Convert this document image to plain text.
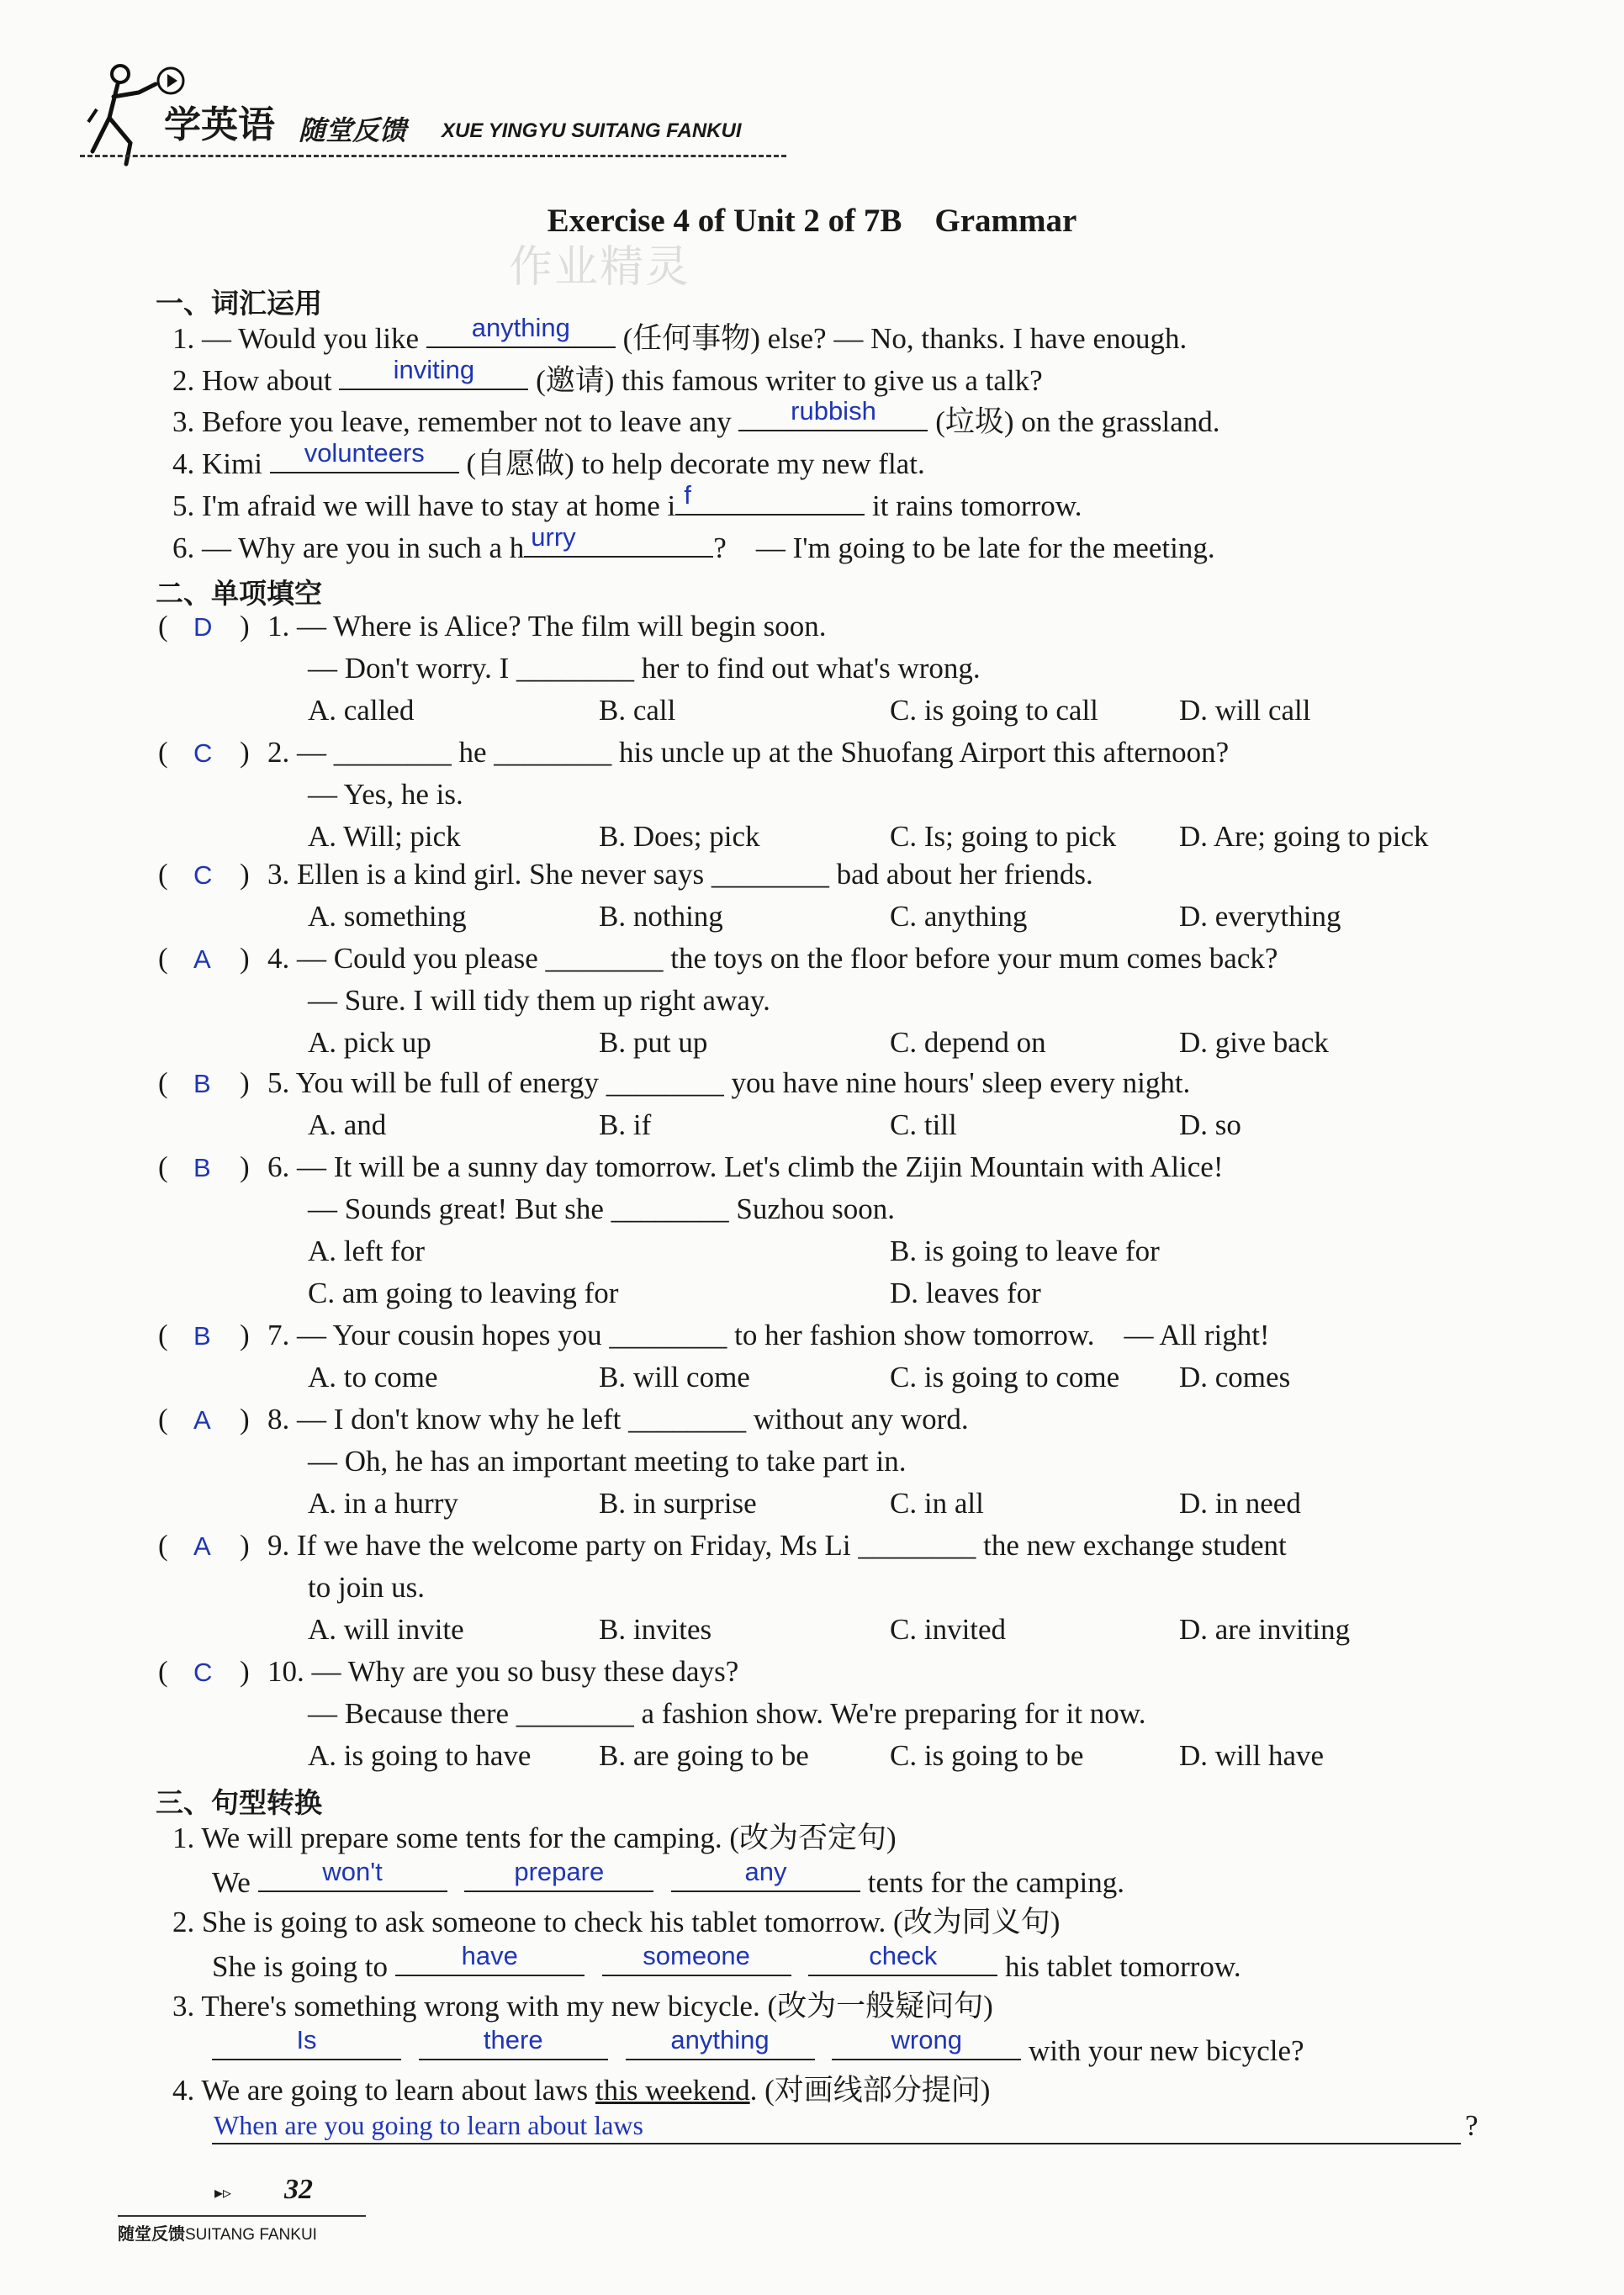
学英语 随堂反馈 XUE YINGYU SUITANG FANKUI
Exercise 4 of Unit 2 of 7B    Grammar
作业精灵
一、词汇运用
1. — Would you like	anything	(任何事物) else? — No, thanks. I have enough.
2. How about	inviting	(邀请) this famous writer to give us a talk?
3. Before you leave, remember not to leave any	rubbish	(垃圾) on the grassland.
4. Kimi	volunteers	(自愿做) to help decorate my new flat.
5. I'm afraid we will have to stay at home i f	it rains tomorrow.
6. — Why are you in such a h urry	?    — I'm going to be late for the meeting.
二、单项填空
( )
D 1. — Where is Alice? The film will begin soon.
— Don't worry. I ________ her to find out what's wrong.
A. called	B. call	C. is going to call	D. will call
( )
C 2. — ________ he ________ his uncle up at the Shuofang Airport this afternoon?
— Yes, he is.
A. Will; pick	B. Does; pick	C. Is; going to pick D. Are; going to pick
( )
C 3. Ellen is a kind girl. She never says ________ bad about her friends.
A. something	B. nothing	C. anything	D. everything
( )
A 4. — Could you please ________ the toys on the floor before your mum comes back?
— Sure. I will tidy them up right away.
A. pick up	B. put up	C. depend on	D. give back
( )
B 5. You will be full of energy ________ you have nine hours' sleep every night.
A. and	B. if	C. till	D. so
( )
B 6. — It will be a sunny day tomorrow. Let's climb the Zijin Mountain with Alice!
— Sounds great! But she ________ Suzhou soon.
A. left for	B. is going to leave for
C. am going to leaving for	D. leaves for
( )
B 7. — Your cousin hopes you ________ to her fashion show tomorrow.    — All right!
A. to come	B. will come	C. is going to come D. comes
( )
A 8. — I don't know why he left ________ without any word.
— Oh, he has an important meeting to take part in.
A. in a hurry	B. in surprise	C. in all	D. in need
( )
A 9. If we have the welcome party on Friday, Ms Li ________ the new exchange student
to join us.
A. will invite	B. invites	C. invited	D. are inviting
( )
C 10. — Why are you so busy these days?
— Because there ________ a fashion show. We're preparing for it now.
A. is going to have B. are going to be	C. is going to be	D. will have
三、句型转换
1. We will prepare some tents for the camping. (改为否定句)
We	won't
	prepare
	any	tents for the camping.
2. She is going to ask someone to check his tablet tomorrow. (改为同义句)
She is going to	have
	someone
	check	his tablet tomorrow.
3. There's something wrong with my new bicycle. (改为一般疑问句)
Is
	there
	anything
	wrong	with your new bicycle?
4. We are going to learn about laws this weekend. (对画线部分提问)
When are you going to learn about laws	?
▸▹ 32
随堂反馈SUITANG FANKUI
